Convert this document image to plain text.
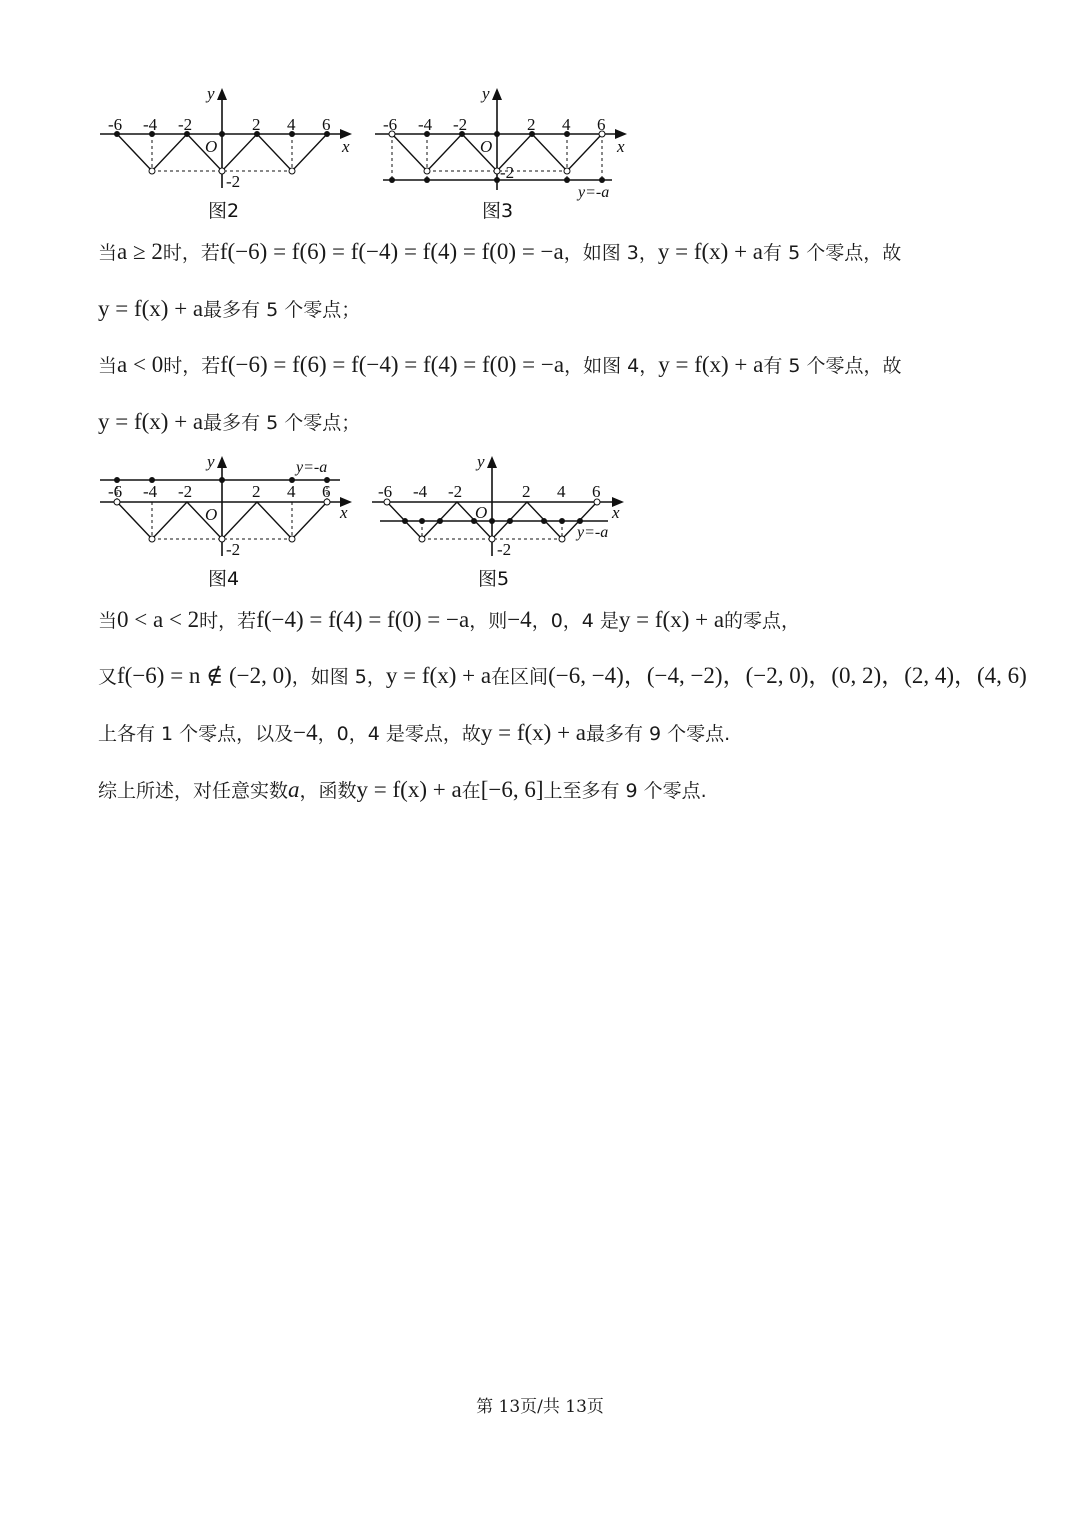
-6 -4 -2	2 4 6
y
x
O
-2
图2
-6 -4 -2	2 4 6
y
x
O
-2
y=-a
图3
当a ≥ 2时，若f(−6) = f(6) = f(−4) = f(4) = f(0) = −a，如图 3，y = f(x) + a有 5 个零点，故
y = f(x) + a最多有 5 个零点；
当a < 0时，若f(−6) = f(6) = f(−4) = f(4) = f(0) = −a，如图 4，y = f(x) + a有 5 个零点，故
y = f(x) + a最多有 5 个零点；
-6 -4 -2	2 4 6
y
x
O
-2
y=-a
图4
-6 -4 -2	2 4 6
y
x
O
-2
y=-a
图5
当0 < a < 2时，若f(−4) = f(4) = f(0) = −a，则−4，0，4 是y = f(x) + a的零点，
又f(−6) = n ∉ (−2, 0)，如图 5，y = f(x) + a在区间(−6, −4)，(−4, −2)，(−2, 0)，(0, 2)，(2, 4)，(4, 6)
上各有 1 个零点，以及−4，0，4 是零点，故y = f(x) + a最多有 9 个零点.
综上所述，对任意实数a，函数y = f(x) + a在[−6, 6]上至多有 9 个零点.
第 13页/共 13页
